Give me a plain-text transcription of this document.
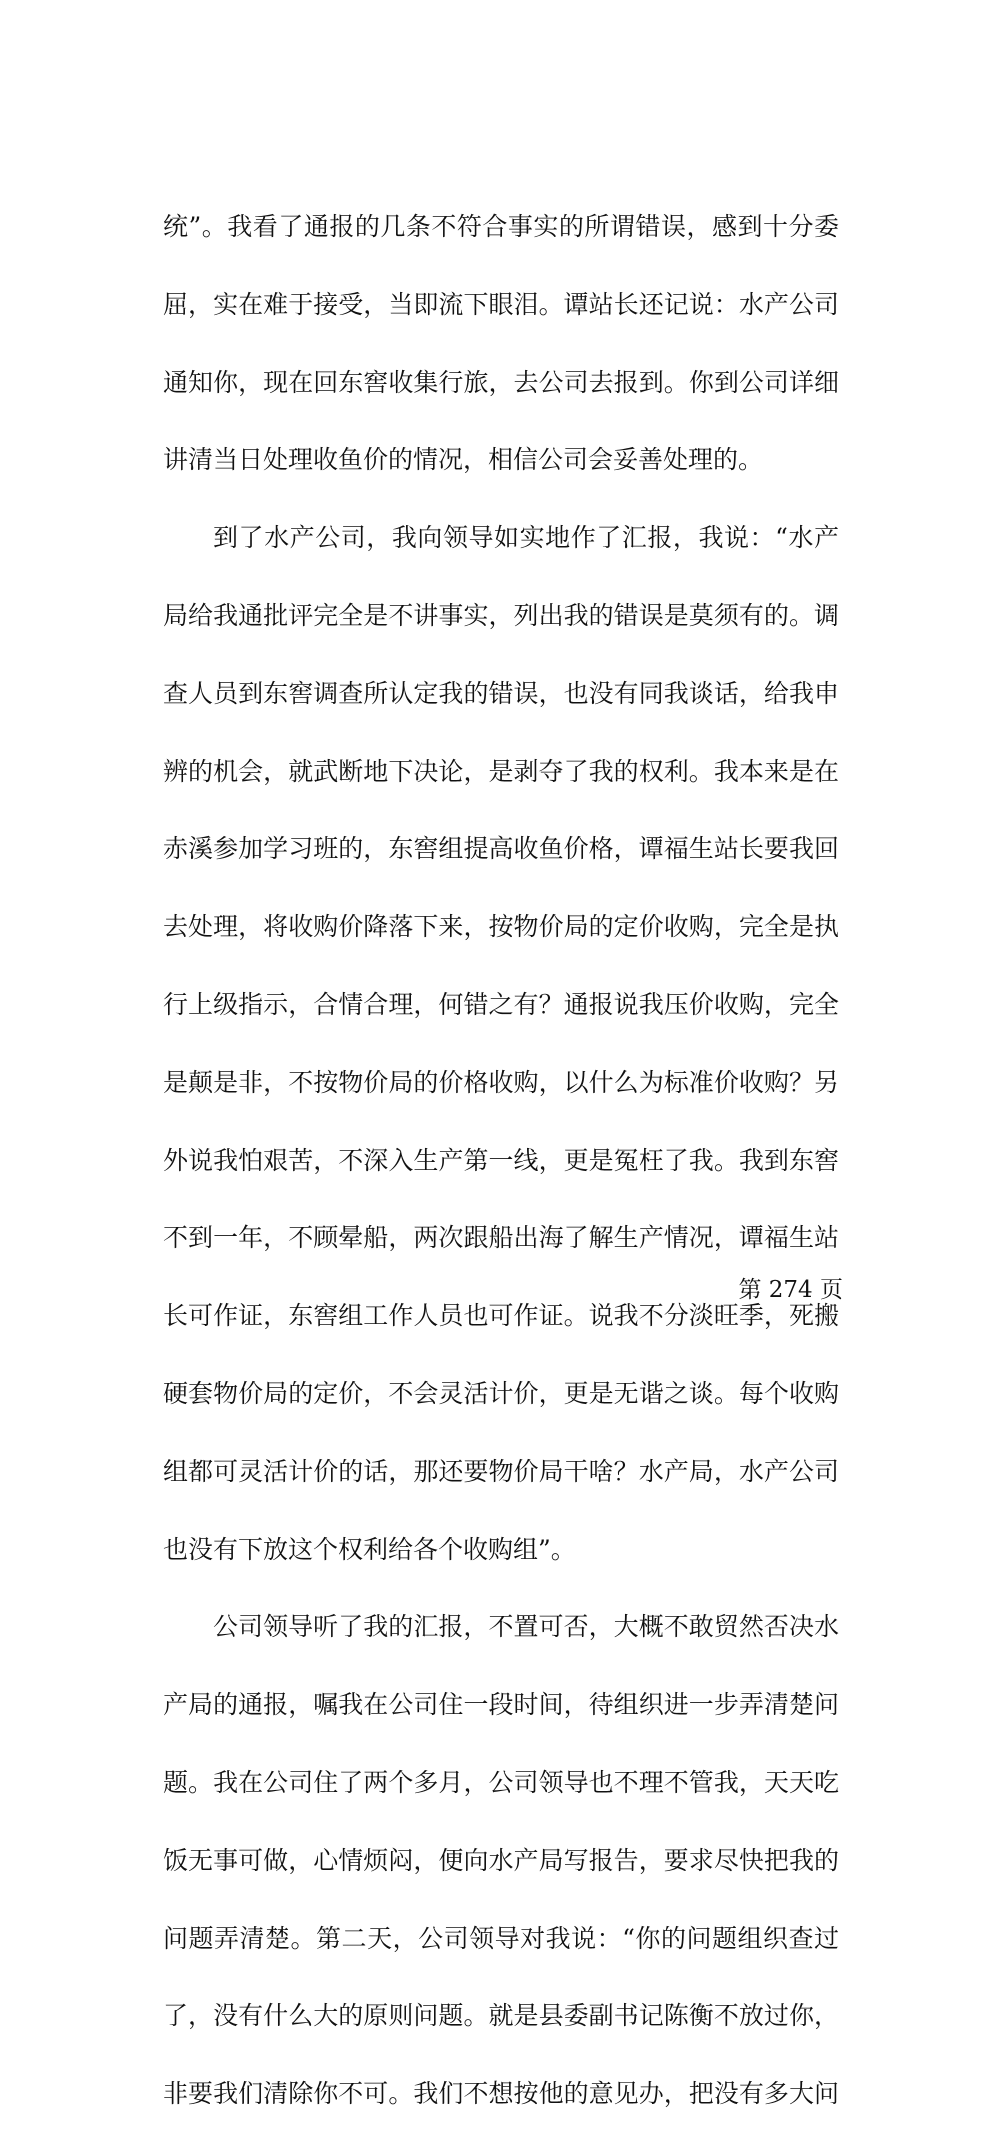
统”。我看了通报的几条不符合事实的所谓错误，感到十分委

屈，实在难于接受，当即流下眼泪。谭站长还记说：水产公司

通知你，现在回东窖收集行旅，去公司去报到。你到公司详细

讲清当日处理收鱼价的情况，相信公司会妥善处理的。

到了水产公司，我向领导如实地作了汇报，我说：“水产

局给我通批评完全是不讲事实，列出我的错误是莫须有的。调

查人员到东窖调查所认定我的错误，也没有同我谈话，给我申

辨的机会，就武断地下决论，是剥夺了我的权利。我本来是在

赤溪参加学习班的，东窖组提高收鱼价格，谭福生站长要我回

去处理，将收购价降落下来，按物价局的定价收购，完全是执

行上级指示，合情合理，何错之有？通报说我压价收购，完全

是颠是非，不按物价局的价格收购，以什么为标准价收购？另

外说我怕艰苦，不深入生产第一线，更是冤枉了我。我到东窖

不到一年，不顾晕船，两次跟船出海了解生产情况，谭福生站

长可作证，东窖组工作人员也可作证。说我不分淡旺季，死搬

硬套物价局的定价，不会灵活计价，更是无谐之谈。每个收购

组都可灵活计价的话，那还要物价局干啥？水产局，水产公司

也没有下放这个权利给各个收购组”。

公司领导听了我的汇报，不置可否，大概不敢贸然否决水

产局的通报，嘱我在公司住一段时间，待组织进一步弄清楚问

题。我在公司住了两个多月，公司领导也不理不管我，天天吃

饭无事可做，心情烦闷，便向水产局写报告，要求尽快把我的

问题弄清楚。第二天，公司领导对我说：“你的问题组织查过

了，没有什么大的原则问题。就是县委副书记陈衡不放过你，

非要我们清除你不可。我们不想按他的意见办，把没有多大问

第 274 页
